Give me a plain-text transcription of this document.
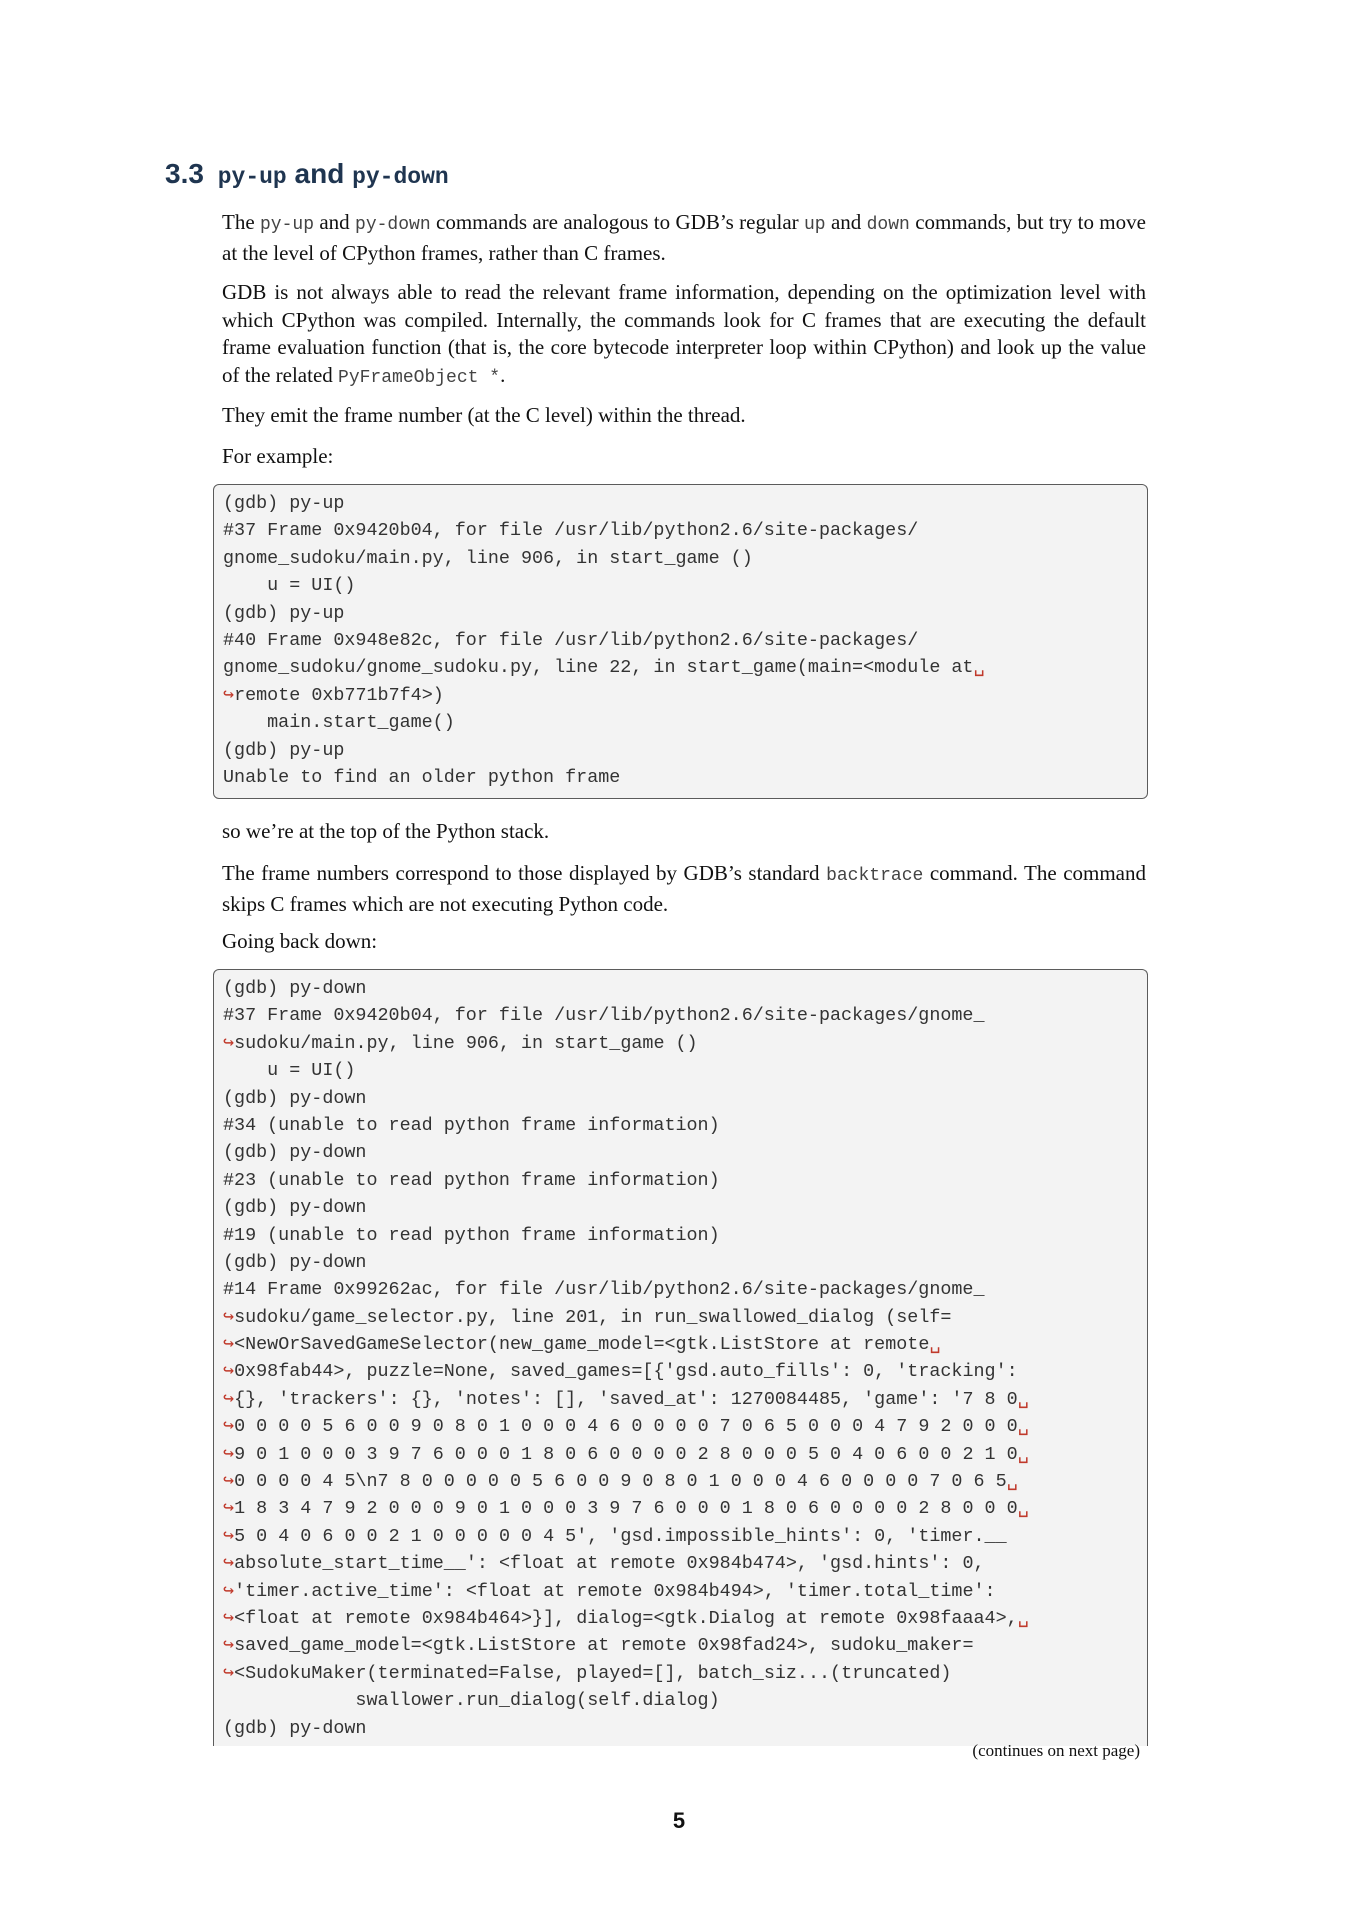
3.3 py-up and py-down

The py-up and py-down commands are analogous to GDB’s regular up and down commands, but try to move at the level of CPython frames, rather than C frames.

GDB is not always able to read the relevant frame information, depending on the optimization level with which CPython was compiled. Internally, the commands look for C frames that are executing the default frame evaluation function (that is, the core bytecode interpreter loop within CPython) and look up the value of the related PyFrameObject *.

They emit the frame number (at the C level) within the thread.

For example:

(gdb) py-up
#37 Frame 0x9420b04, for file /usr/lib/python2.6/site-packages/
gnome_sudoku/main.py, line 906, in start_game ()
u = UI()
(gdb) py-up
#40 Frame 0x948e82c, for file /usr/lib/python2.6/site-packages/
gnome_sudoku/gnome_sudoku.py, line 22, in start_game(main=<module at␣
↪remote 0xb771b7f4>)
main.start_game()
(gdb) py-up
Unable to find an older python frame

so we’re at the top of the Python stack.

The frame numbers correspond to those displayed by GDB’s standard backtrace command. The command skips C frames which are not executing Python code.

Going back down:

(gdb) py-down
#37 Frame 0x9420b04, for file /usr/lib/python2.6/site-packages/gnome_
↪sudoku/main.py, line 906, in start_game ()
u = UI()
(gdb) py-down
#34 (unable to read python frame information)
(gdb) py-down
#23 (unable to read python frame information)
(gdb) py-down
#19 (unable to read python frame information)
(gdb) py-down
#14 Frame 0x99262ac, for file /usr/lib/python2.6/site-packages/gnome_
↪sudoku/game_selector.py, line 201, in run_swallowed_dialog (self=
↪<NewOrSavedGameSelector(new_game_model=<gtk.ListStore at remote␣
↪0x98fab44>, puzzle=None, saved_games=[{'gsd.auto_fills': 0, 'tracking':
↪{}, 'trackers': {}, 'notes': [], 'saved_at': 1270084485, 'game': '7 8 0␣
↪0 0 0 0 5 6 0 0 9 0 8 0 1 0 0 0 4 6 0 0 0 0 7 0 6 5 0 0 0 4 7 9 2 0 0 0␣
↪9 0 1 0 0 0 3 9 7 6 0 0 0 1 8 0 6 0 0 0 0 2 8 0 0 0 5 0 4 0 6 0 0 2 1 0␣
↪0 0 0 0 4 5\n7 8 0 0 0 0 0 5 6 0 0 9 0 8 0 1 0 0 0 4 6 0 0 0 0 7 0 6 5␣
↪1 8 3 4 7 9 2 0 0 0 9 0 1 0 0 0 3 9 7 6 0 0 0 1 8 0 6 0 0 0 0 2 8 0 0 0␣
↪5 0 4 0 6 0 0 2 1 0 0 0 0 0 4 5', 'gsd.impossible_hints': 0, 'timer.__
↪absolute_start_time__': <float at remote 0x984b474>, 'gsd.hints': 0,
↪'timer.active_time': <float at remote 0x984b494>, 'timer.total_time':
↪<float at remote 0x984b464>}], dialog=<gtk.Dialog at remote 0x98faaa4>,␣
↪saved_game_model=<gtk.ListStore at remote 0x98fad24>, sudoku_maker=
↪<SudokuMaker(terminated=False, played=[], batch_siz...(truncated)
swallower.run_dialog(self.dialog)
(gdb) py-down
(continues on next page)
5
